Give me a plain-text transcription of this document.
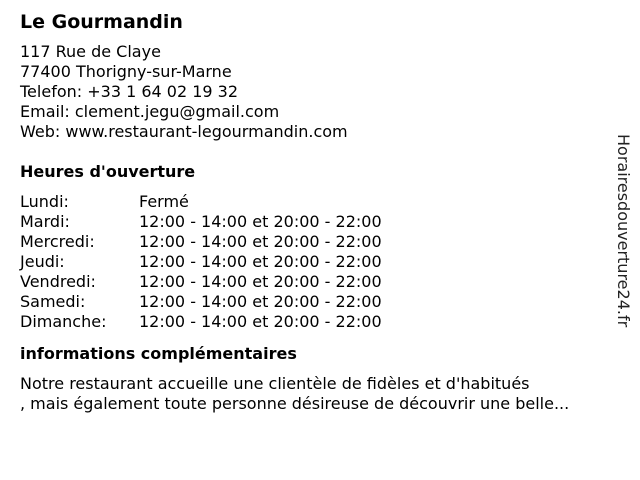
Le Gourmandin
117 Rue de Claye
77400 Thorigny-sur-Marne
Telefon: +33 1 64 02 19 32
Email: clement.jegu@gmail.com
Web: www.restaurant-legourmandin.com
Heures d'ouverture
Lundi:	Fermé
Mardi:	12:00 - 14:00 et 20:00 - 22:00
Mercredi:	12:00 - 14:00 et 20:00 - 22:00
Jeudi:	12:00 - 14:00 et 20:00 - 22:00
Vendredi:	12:00 - 14:00 et 20:00 - 22:00
Samedi:	12:00 - 14:00 et 20:00 - 22:00
Dimanche:	12:00 - 14:00 et 20:00 - 22:00
informations complémentaires
Notre restaurant accueille une clientèle de fidèles et d'habitués
, mais également toute personne désireuse de découvrir une belle...
Horairesdouverture24.fr
